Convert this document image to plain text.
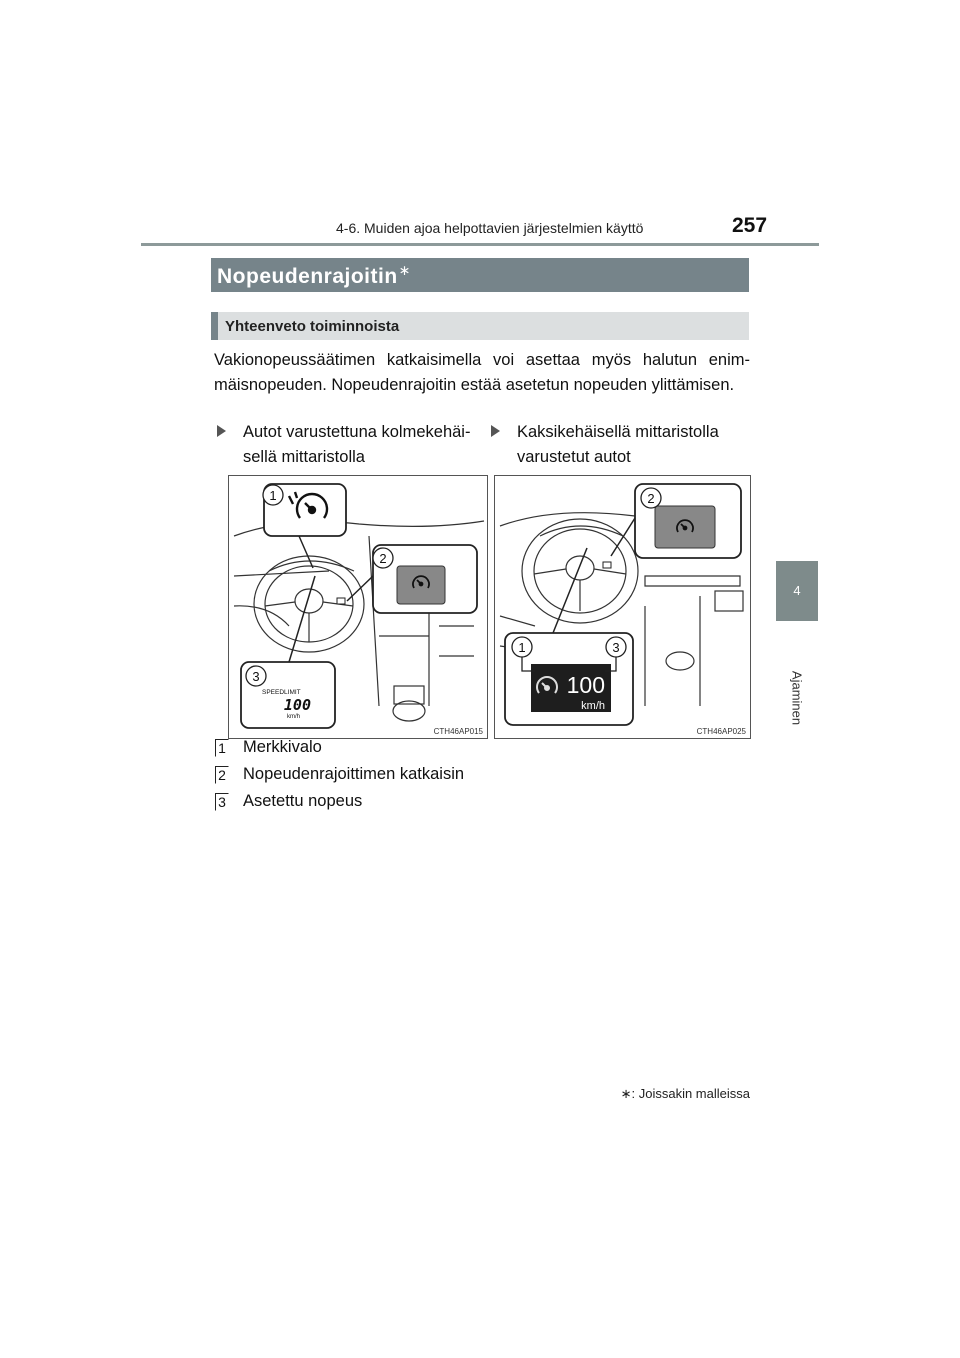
4-6. Muiden ajoa helpottavien järjestelmien käyttö	257
4
Ajaminen
Nopeudenrajoitin∗
Yhteenveto toiminnoista
Vakionopeussäätimen katkaisimella voi asettaa myös halutun enimmäisnopeuden. Nopeudenrajoitin estää asetetun nopeuden ylittämisen.
Autot varustettuna kolmekehäisellä mittaristolla
Kaksikehäisellä mittaristolla varustetut autot
SPEEDLIMIT
100
km/h
1
2
3
CTH46AP015
100
km/h
2
1	3
CTH46AP025
1 Merkkivalo
2 Nopeudenrajoittimen katkaisin
3 Asetettu nopeus
∗: Joissakin malleissa
